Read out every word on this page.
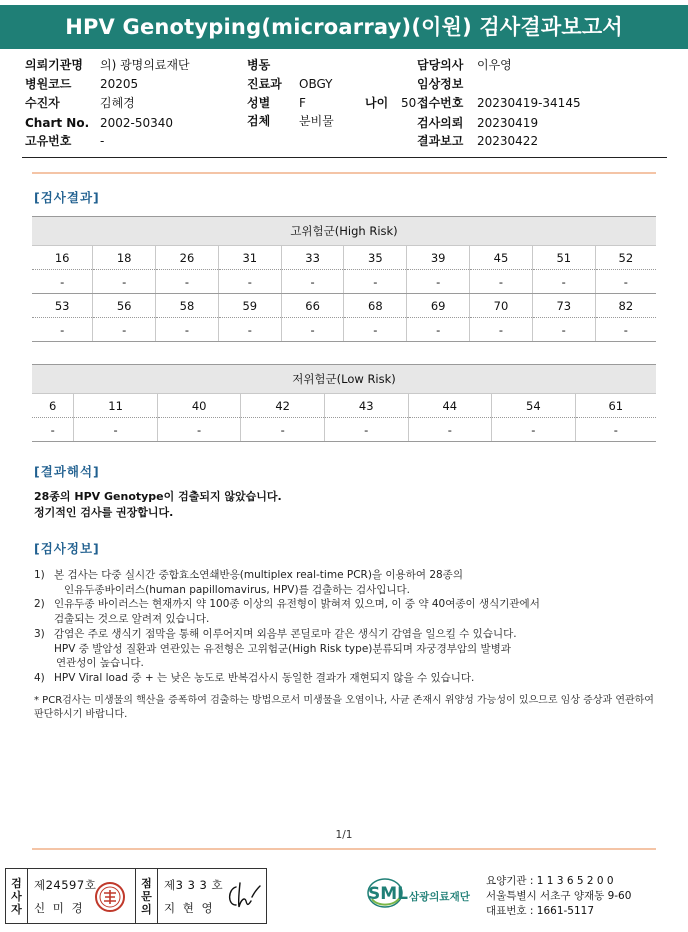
HPV Genotyping(microarray)(이원) 검사결과보고서
의뢰기관명 의) 광명의료재단
병원코드 20205
수진자	김혜경
Chart No. 2002-50340
고유번호 -
병동
진료과 OBGY
성별 F	나이 50
검체 분비물
담당의사 이우영
임상정보
접수번호 20230419-34145
검사의뢰 20230419
결과보고 20230422
[검사결과]
고위험군(High Risk)									
16	18	26	31	33	35	39	45	51	52
-	-	-	-	-	-	-	-	-	-
53	56	58	59	66	68	69	70	73	82
-	-	-	-	-	-	-	-	-	-
저위험군(Low Risk)							
6	11	40	42	43	44	54	61
-	-	-	-	-	-	-	-
[결과해석]
28종의 HPV Genotype이 검출되지 않았습니다.
정기적인 검사를 권장합니다.
[검사정보]
1) 본 검사는 다중 실시간 중합효소연쇄반응(multiplex real-time PCR)을 이용하여 28종의
인유두종바이러스(human papillomavirus, HPV)를 검출하는 검사입니다.
2) 인유두종 바이러스는 현재까지 약 100종 이상의 유전형이 밝혀져 있으며, 이 중 약 40여종이 생식기관에서
검출되는 것으로 알려져 있습니다.
3) 감염은 주로 생식기 점막을 통해 이루어지며 외음부 콘딜로마 같은 생식기 감염을 일으킬 수 있습니다.
HPV 중 발암성 질환과 연관있는 유전형은 고위험군(High Risk type)분류되며 자궁경부암의 발병과
연관성이 높습니다.
4) HPV Viral load 중 + 는 낮은 농도로 반복검사시 동일한 결과가 재현되지 않을 수 있습니다.
* PCR검사는 미생물의 핵산을 증폭하여 검출하는 방법으로서 미생물을 오염이나, 사균 존재시 위양성 가능성이 있으므로 임상 증상과 연관하여 판단하시기 바랍니다.
1/1
검
사
자
제24597호
신 미 경
점
문
의
제3 3 3 호
지 현 영
SML 삼광의료재단
요양기관 : 1 1 3 6 5 2 0 0
서울특별시 서초구 양재동 9-60
대표번호 : 1661-5117
